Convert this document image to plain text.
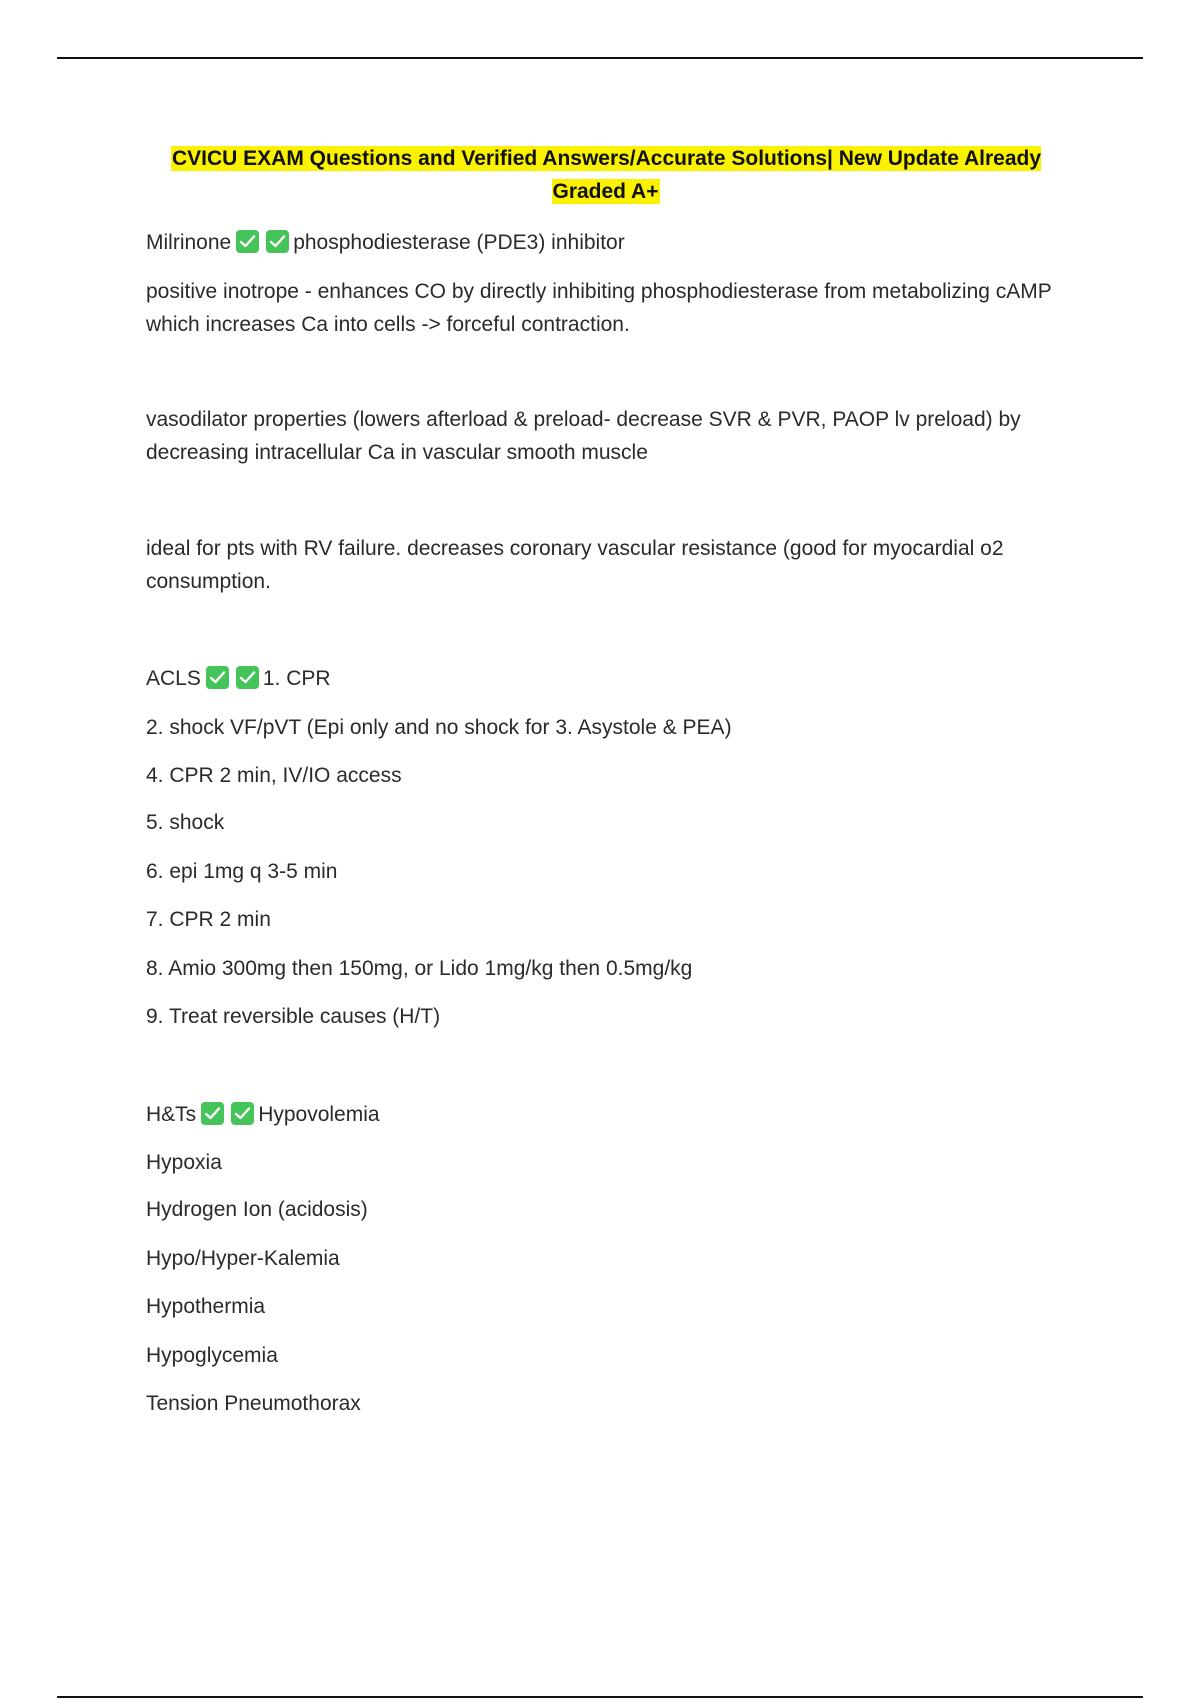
CVICU EXAM Questions and Verified Answers/Accurate Solutions| New Update Already Graded A+
Milrinone	phosphodiesterase (PDE3) inhibitor
positive inotrope - enhances CO by directly inhibiting phosphodiesterase from metabolizing cAMP which increases Ca into cells -> forceful contraction.
vasodilator properties (lowers afterload & preload- decrease SVR & PVR, PAOP lv preload) by decreasing intracellular Ca in vascular smooth muscle
ideal for pts with RV failure. decreases coronary vascular resistance (good for myocardial o2 consumption.
ACLS	1. CPR
2. shock VF/pVT (Epi only and no shock for 3. Asystole & PEA)
4. CPR 2 min, IV/IO access
5. shock
6. epi 1mg q 3-5 min
7. CPR 2 min
8. Amio 300mg then 150mg, or Lido 1mg/kg then 0.5mg/kg
9. Treat reversible causes (H/T)
H&Ts	Hypovolemia
Hypoxia
Hydrogen Ion (acidosis)
Hypo/Hyper-Kalemia
Hypothermia
Hypoglycemia
Tension Pneumothorax
